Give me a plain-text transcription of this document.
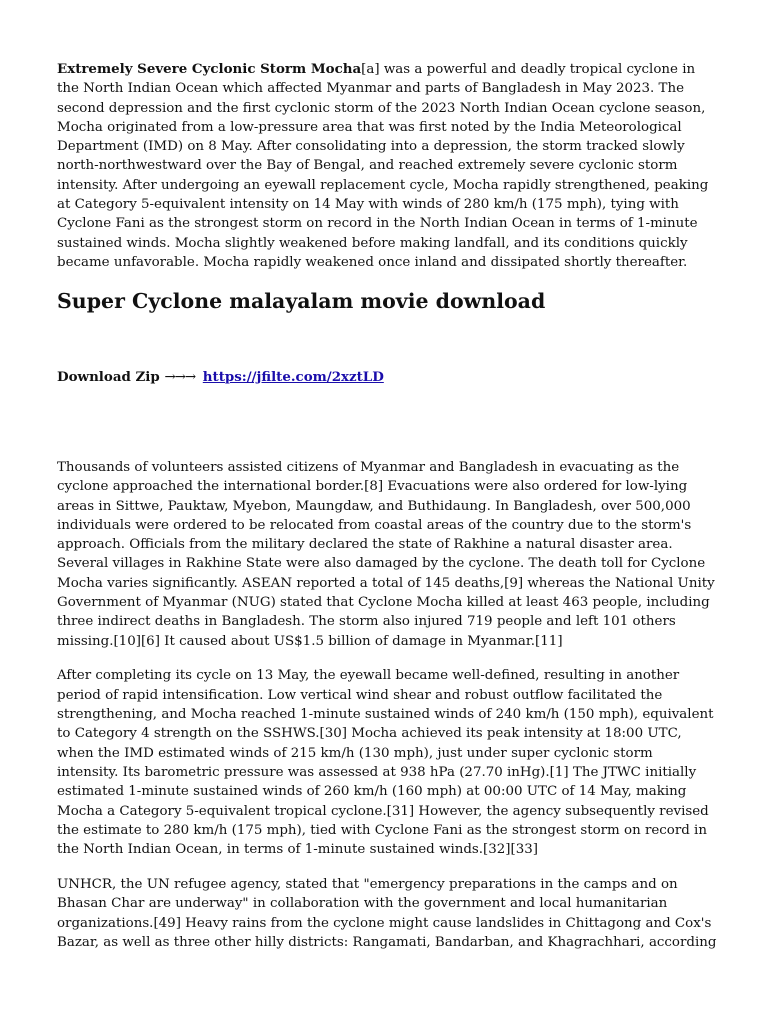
Extremely Severe Cyclonic Storm Mocha[a] was a powerful and deadly tropical cyclone in the North Indian Ocean which affected Myanmar and parts of Bangladesh in May 2023. The second depression and the first cyclonic storm of the 2023 North Indian Ocean cyclone season, Mocha originated from a low-pressure area that was first noted by the India Meteorological Department (IMD) on 8 May. After consolidating into a depression, the storm tracked slowly north-northwestward over the Bay of Bengal, and reached extremely severe cyclonic storm intensity. After undergoing an eyewall replacement cycle, Mocha rapidly strengthened, peaking at Category 5-equivalent intensity on 14 May with winds of 280 km/h (175 mph), tying with Cyclone Fani as the strongest storm on record in the North Indian Ocean in terms of 1-minute sustained winds. Mocha slightly weakened before making landfall, and its conditions quickly became unfavorable. Mocha rapidly weakened once inland and dissipated shortly thereafter.

Super Cyclone malayalam movie download
Download Zip →→→ https://jfilte.com/2xztLD

Thousands of volunteers assisted citizens of Myanmar and Bangladesh in evacuating as the cyclone approached the international border.[8] Evacuations were also ordered for low-lying areas in Sittwe, Pauktaw, Myebon, Maungdaw, and Buthidaung. In Bangladesh, over 500,000 individuals were ordered to be relocated from coastal areas of the country due to the storm's approach. Officials from the military declared the state of Rakhine a natural disaster area. Several villages in Rakhine State were also damaged by the cyclone. The death toll for Cyclone Mocha varies significantly. ASEAN reported a total of 145 deaths,[9] whereas the National Unity Government of Myanmar (NUG) stated that Cyclone Mocha killed at least 463 people, including three indirect deaths in Bangladesh. The storm also injured 719 people and left 101 others missing.[10][6] It caused about US$1.5 billion of damage in Myanmar.[11]

After completing its cycle on 13 May, the eyewall became well-defined, resulting in another period of rapid intensification. Low vertical wind shear and robust outflow facilitated the strengthening, and Mocha reached 1-minute sustained winds of 240 km/h (150 mph), equivalent to Category 4 strength on the SSHWS.[30] Mocha achieved its peak intensity at 18:00 UTC, when the IMD estimated winds of 215 km/h (130 mph), just under super cyclonic storm intensity. Its barometric pressure was assessed at 938 hPa (27.70 inHg).[1] The JTWC initially estimated 1-minute sustained winds of 260 km/h (160 mph) at 00:00 UTC of 14 May, making Mocha a Category 5-equivalent tropical cyclone.[31] However, the agency subsequently revised the estimate to 280 km/h (175 mph), tied with Cyclone Fani as the strongest storm on record in the North Indian Ocean, in terms of 1-minute sustained winds.[32][33]

UNHCR, the UN refugee agency, stated that "emergency preparations in the camps and on Bhasan Char are underway" in collaboration with the government and local humanitarian organizations.[49] Heavy rains from the cyclone might cause landslides in Chittagong and Cox's Bazar, as well as three other hilly districts: Rangamati, Bandarban, and Khagrachhari, according
